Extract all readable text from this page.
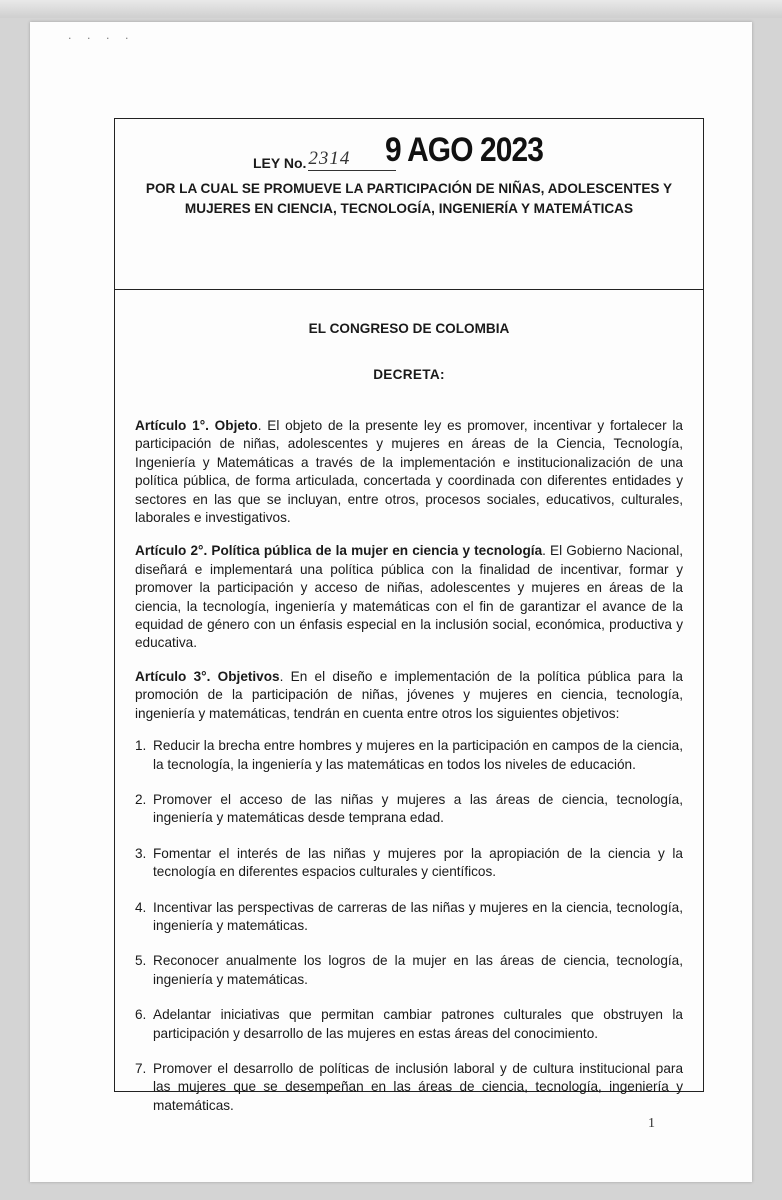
· · · ·
LEY No. 2314	9 AGO 2023
POR LA CUAL SE PROMUEVE LA PARTICIPACIÓN DE NIÑAS, ADOLESCENTES Y MUJERES EN CIENCIA, TECNOLOGÍA, INGENIERÍA Y MATEMÁTICAS
EL CONGRESO DE COLOMBIA
DECRETA:

Artículo 1°. Objeto. El objeto de la presente ley es promover, incentivar y fortalecer la participación de niñas, adolescentes y mujeres en áreas de la Ciencia, Tecnología, Ingeniería y Matemáticas a través de la implementación e institucionalización de una política pública, de forma articulada, concertada y coordinada con diferentes entidades y sectores en las que se incluyan, entre otros, procesos sociales, educativos, culturales, laborales e investigativos.

Artículo 2°. Política pública de la mujer en ciencia y tecnología. El Gobierno Nacional, diseñará e implementará una política pública con la finalidad de incentivar, formar y promover la participación y acceso de niñas, adolescentes y mujeres en áreas de la ciencia, la tecnología, ingeniería y matemáticas con el fin de garantizar el avance de la equidad de género con un énfasis especial en la inclusión social, económica, productiva y educativa.

Artículo 3°. Objetivos. En el diseño e implementación de la política pública para la promoción de la participación de niñas, jóvenes y mujeres en ciencia, tecnología, ingeniería y matemáticas, tendrán en cuenta entre otros los siguientes objetivos:

1. Reducir la brecha entre hombres y mujeres en la participación en campos de la ciencia, la tecnología, la ingeniería y las matemáticas en todos los niveles de educación.
2. Promover el acceso de las niñas y mujeres a las áreas de ciencia, tecnología, ingeniería y matemáticas desde temprana edad.
3. Fomentar el interés de las niñas y mujeres por la apropiación de la ciencia y la tecnología en diferentes espacios culturales y científicos.
4. Incentivar las perspectivas de carreras de las niñas y mujeres en la ciencia, tecnología, ingeniería y matemáticas.
5. Reconocer anualmente los logros de la mujer en las áreas de ciencia, tecnología, ingeniería y matemáticas.
6. Adelantar iniciativas que permitan cambiar patrones culturales que obstruyen la participación y desarrollo de las mujeres en estas áreas del conocimiento.
7. Promover el desarrollo de políticas de inclusión laboral y de cultura institucional para las mujeres que se desempeñan en las áreas de ciencia, tecnología, ingeniería y matemáticas.
1
